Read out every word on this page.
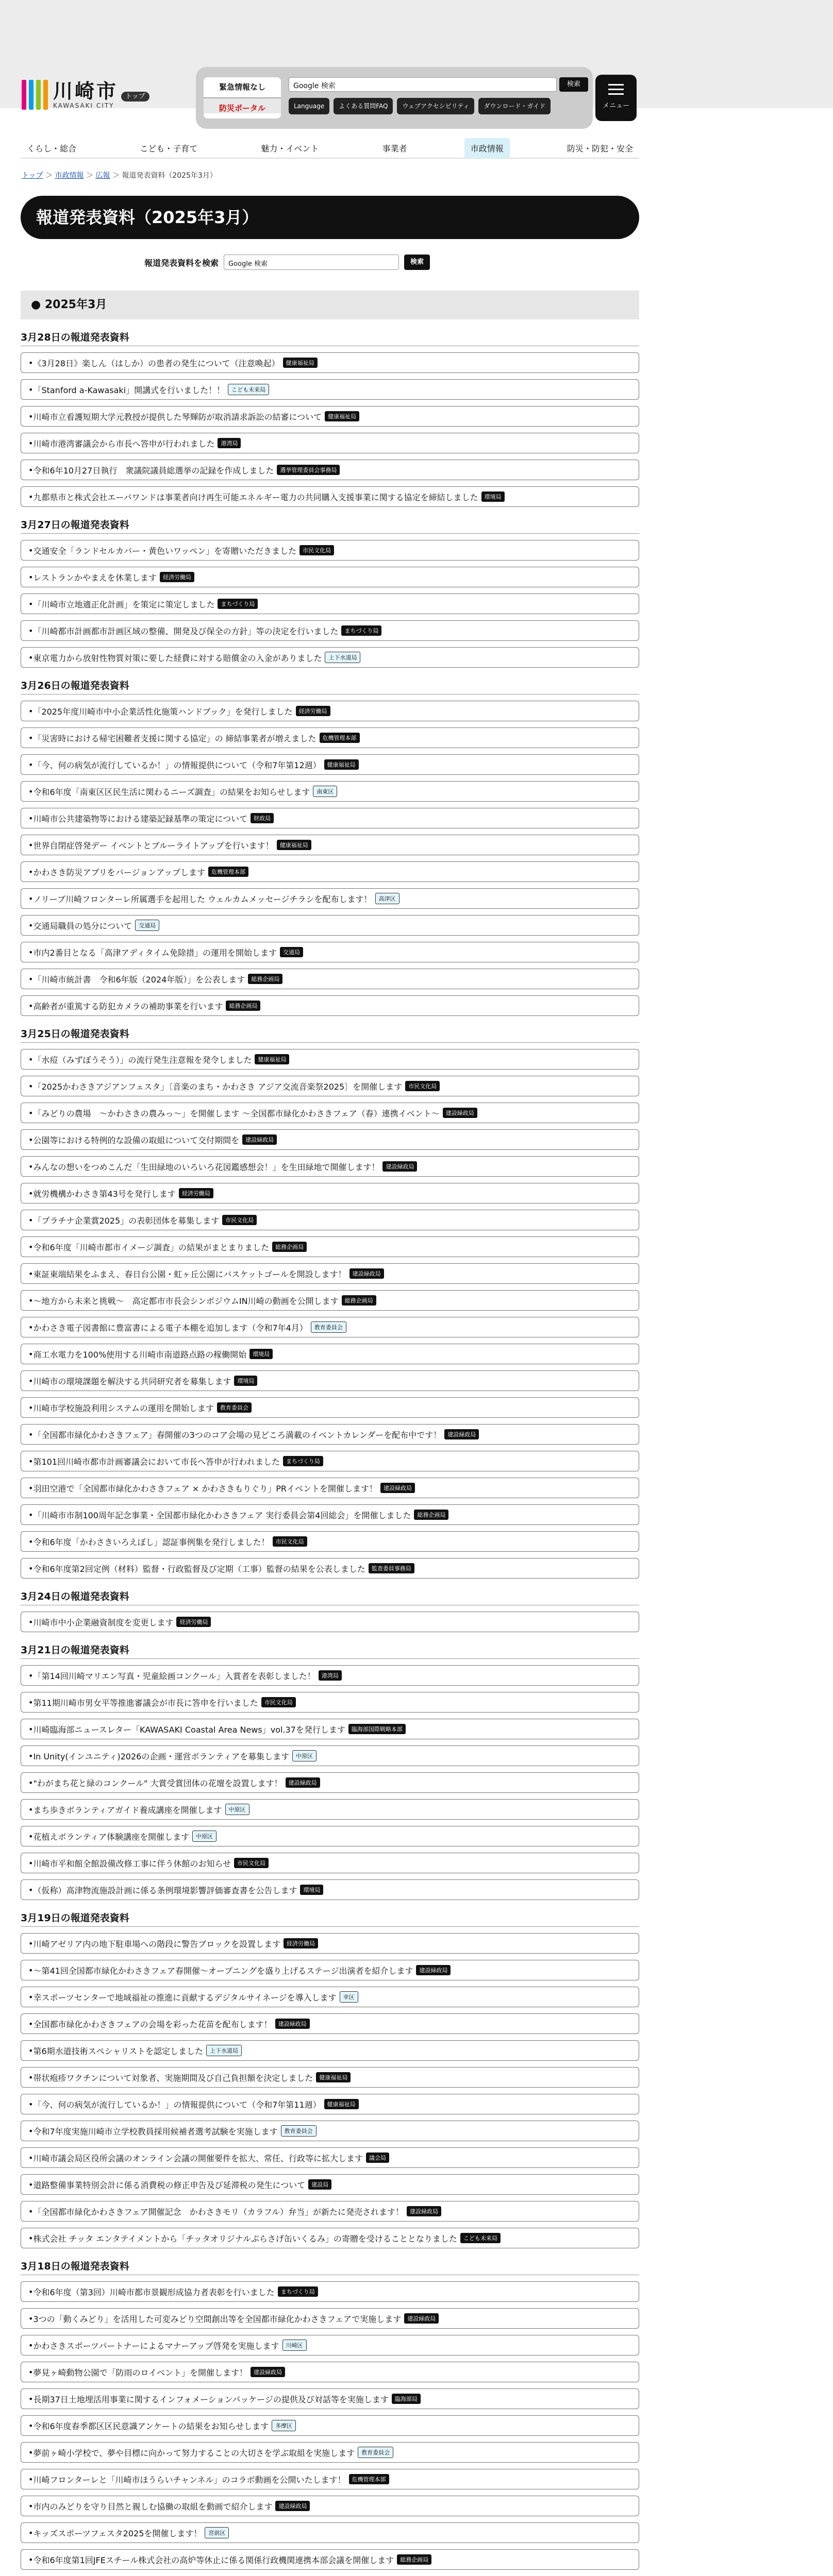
川崎市 トップ
KAWASAKI CITY
緊急情報なし
防災ポータル
Google 検索	検索
Language	よくある質問FAQ	ウェブアクセシビリティ	ダウンロード・ガイド	メニュー
くらし・総合	こども・子育て	魅力・イベント	事業者	市政情報	防災・防犯・安全
トップ ＞ 市政情報 ＞ 広報 ＞ 報道発表資料（2025年3月）
報道発表資料（2025年3月）
報道発表資料を検索	Google 検索	検索
● 2025年3月
3月28日の報道発表資料
• 《3月28日》楽しん（はしか）の患者の発生について（注意喚起）	健康福祉局
• 「Stanford a-Kawasaki」開講式を行いました！！	こども未来局
• 川崎市立看護短期大学元教授が提供した琴輝防が取消請求訴訟の結審について	健康福祉局
• 川崎市港湾審議会から市長へ答申が行われました	港湾局
• 令和6年10月27日執行　衆議院議員総選挙の記録を作成しました	選挙管理委員会事務局
• 九都県市と株式会社エーパワンドは事業者向け再生可能エネルギー電力の共同購入支援事業に関する協定を締結しました	環境局
3月27日の報道発表資料
• 交通安全「ランドセルカバー・黄色いワッペン」を寄贈いただきました	市民文化局
• レストランかやまえを休業します	経済労働局
• 「川崎市立地適正化計画」を策定に策定しました	まちづくり局
• 「川崎都市計画都市計画区域の整備、開発及び保全の方針」等の決定を行いました	まちづくり局
• 東京電力から放射性物質対策に要した経費に対する賠償金の入金がありました	上下水道局
3月26日の報道発表資料
• 「2025年度川崎市中小企業活性化施策ハンドブック」を発行しました	経済労働局
• 「災害時における帰宅困難者支援に関する協定」の 締結事業者が増えました	危機管理本部
• 「今、何の病気が流行しているか！」の情報提供について（令和7年第12週）	健康福祉局
• 令和6年度「南東区区民生活に関わるニーズ調査」の結果をお知らせします	南東区
• 川崎市公共建築物等における建築記録基準の策定について	財政局
• 世界自閉症啓発デー イベントとブルーライトアップを行います！	健康福祉局
• かわさき防災アプリをバージョンアップします	危機管理本部
• ノリーブ川崎フロンターレ所属選手を起用した ウェルカムメッセージチラシを配布します！	高津区
• 交通局職員の処分について	交通局
• 市内2番目となる「高津アディタイム免除措」の運用を開始します	交通局
• 「川崎市統計書　令和6年版（2024年版）」を公表します	総務企画局
• 高齢者が重篤する防犯カメラの補助事業を行います	総務企画局
3月25日の報道発表資料
• 「水痘（みずぼうそう）」の流行発生注意報を発令しました	健康福祉局
• 「2025かわさきアジアンフェスタ」〔音楽のまち・かわさき アジア交流音楽祭2025〕を開催します	市民文化局
• 「みどりの農場　～かわさきの農みっ～」を開催します ～全国都市緑化かわさきフェア（春）連携イベント～	建設緑政局
• 公園等における特例的な設備の取組について交付期間を	建設緑政局
• みんなの想いをつめこんだ「生田緑地のいろいろ花図鑑感想会！」を生田緑地で開催します！	建設緑政局
• 就労機構かわさき第43号を発行します	経済労働局
• 「プラチナ企業賞2025」の表彰団体を募集します	市民文化局
• 令和6年度「川崎市都市イメージ調査」の結果がまとまりました	総務企画局
• 東証東端結果をふまえ、春日台公園・虹ヶ丘公園にバスケットゴールを開設します！	建設緑政局
• ～地方から未来と挑戦～　高定都市市長会シンポジウムIN川崎の動画を公開します	総務企画局
• かわさき電子図書館に豊富書による電子本棚を追加します（令和7年4月）	教育委員会
• 商工水電力を100%使用する川崎市南道路点路の稼働開始	環境局
• 川崎市の環境課題を解決する共同研究者を募集します	環境局
• 川崎市学校施設利用システムの運用を開始します	教育委員会
• 「全国都市緑化かわさきフェア」春開催の3つのコア会場の見どころ満載のイベントカレンダーを配布中です！	建設緑政局
• 第101回川崎市都市計画審議会において市長へ答申が行われました	まちづくり局
• 羽田空港で「全国都市緑化かわさきフェア × かわさきもりぐり」PRイベントを開催します！	建設緑政局
• 「川崎市市制100周年記念事業・全国都市緑化かわさきフェア 実行委員会第4回総会」を開催しました	総務企画局
• 令和6年度「かわさきいろえぼし」認証事例集を発行しました！	市民文化局
• 令和6年度第2回定例（材料）監督・行政監督及び定期（工事）監督の結果を公表しました	監査委員事務局
3月24日の報道発表資料
• 川崎市中小企業融資制度を変更します	経済労働局
3月21日の報道発表資料
• 「第14回川崎マリエン写真・児童絵画コンクール」入賞者を表彰しました！	港湾局
• 第11期川崎市男女平等推進審議会が市長に答申を行いました	市民文化局
• 川崎臨海部ニュースレター「KAWASAKI Coastal Area News」vol.37を発行します	臨海部国際戦略本部
• In Unity(インユニティ)2026の企画・運営ボランティアを募集します	中原区
• "わがまち花と緑のコンクール" 大賞受賞団体の花壇を設置します！	建設緑政局
• まち歩きボランティアガイド養成講座を開催します	中原区
• 花植えボランティア体験講座を開催します	中原区
• 川崎市平和館全館設備改修工事に伴う休館のお知らせ	市民文化局
• （仮称）高津物流施設計画に係る条例環境影響評価審査書を公告します	環境局
3月19日の報道発表資料
• 川崎アゼリア内の地下駐車場への階段に警告ブロックを設置します	経済労働局
• ～第41回全国都市緑化かわさきフェア春開催～オープニングを盛り上げるステージ出演者を紹介します	建設緑政局
• 幸スポーツセンターで地域福祉の推進に貢献するデジタルサイネージを導入します	幸区
• 全国都市緑化かわさきフェアの会場を彩った花苗を配布します！	建設緑政局
• 第6期水道技術スペシャリストを認定しました	上下水道局
• 帯状疱疹ワクチンについて対象者、実施期間及び自己負担額を決定しました	健康福祉局
• 「今、何の病気が流行しているか！」の情報提供について（令和7年第11週）	健康福祉局
• 令和7年度実施川崎市立学校教員採用候補者選考試験を実施します	教育委員会
• 川崎市議会局区役所会議のオンライン会議の開催要件を拡大、常任、行政等に拡大します	議会局
• 道路整備事業特別会計に係る消費税の修正申告及び延滞税の発生について	建設局
• 「全国都市緑化かわさきフェア開催記念　かわさきモリ（カラフル）弁当」が新たに発売されます！	建設緑政局
• 株式会社 チッタ エンタテイメントから「チッタオリジナルぷらさげ缶いくるみ」の寄贈を受けることとなりました	こども未来局
3月18日の報道発表資料
• 令和6年度（第3回）川崎市都市景観形成協力者表彰を行いました	まちづくり局
• 3つの「動くみどり」を活用した可変みどり空間創出等を全国都市緑化かわさきフェアで実施します	建設緑政局
• かわさきスポーツパートナーによるマナーアップ啓発を実施します	川崎区
• 夢見ヶ崎動物公園で「防雨のロイベント」を開催します！	建設緑政局
• 長期37日土地埋活用事業に関するインフォメーションパッケージの提供及び対話等を実施します	臨海部局
• 令和6年度春季都区区民意識アンケートの結果をお知らせします	多摩区
• 夢前ヶ崎小学校で、夢や目標に向かって努力することの大切さを学ぶ取組を実施します	教育委員会
• 川崎フロンターレと「川崎市ほうらいチャンネル」のコラボ動画を公開いたします！	危機管理本部
• 市内のみどりを守り目然と親しむ協働の取組を動画で紹介します	建設緑政局
• キッズスポーツフェスタ2025を開催します！	宮前区
• 令和6年度第1回JFEスチール株式会社の高炉等休止に係る関係行政機関連携本部会議を開催します	総務企画局
